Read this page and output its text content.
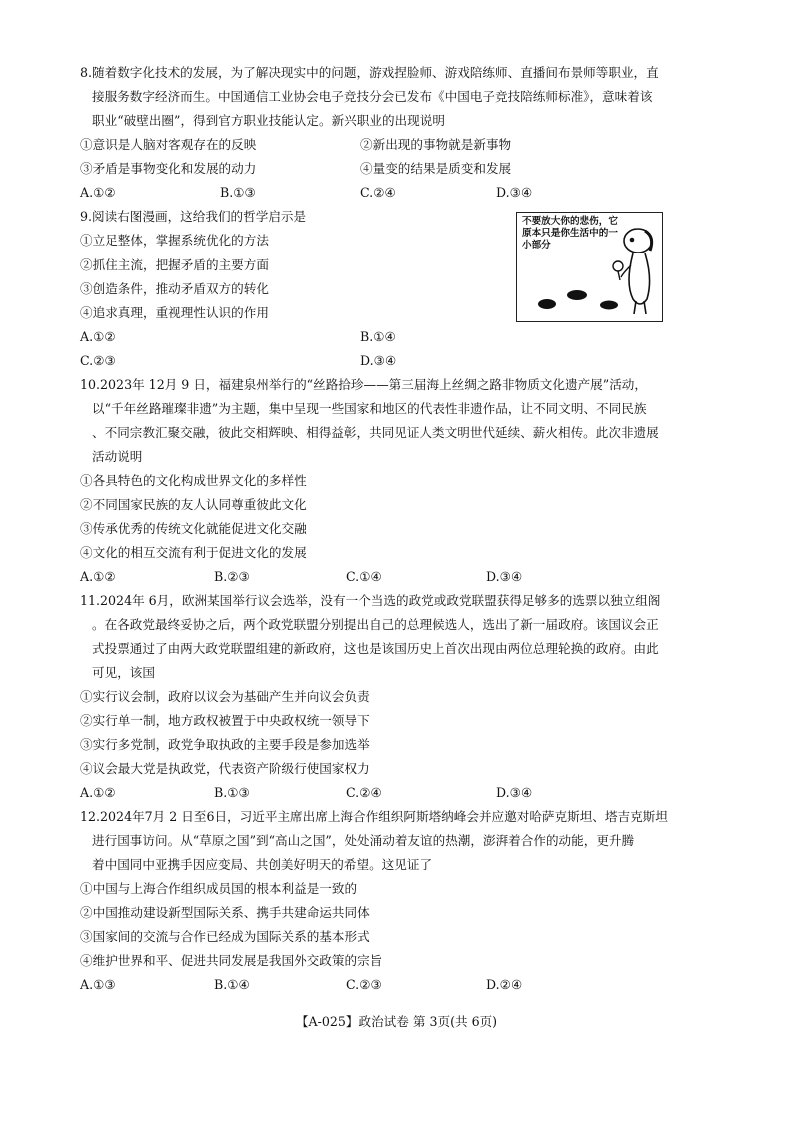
8.随着数字化技术的发展，为了解决现实中的问题，游戏捏脸师、游戏陪练师、直播间布景师等职业，直
接服务数字经济而生。中国通信工业协会电子竞技分会已发布《中国电子竞技陪练师标准》，意味着该
职业“破壁出圈”，得到官方职业技能认定。新兴职业的出现说明
①意识是人脑对客观存在的反映	②新出现的事物就是新事物
③矛盾是事物变化和发展的动力	④量变的结果是质变和发展
A.①②	B.①③	C.②④	D.③④
9.阅读右图漫画，这给我们的哲学启示是
①立足整体，掌握系统优化的方法
②抓住主流，把握矛盾的主要方面
③创造条件，推动矛盾双方的转化
④追求真理，重视理性认识的作用
A.①②	B.①④
C.②③	D.③④
不要放大你的悲伤，它原本只是你生活中的一小部分
10.2023年 12月 9 日，福建泉州举行的“丝路拾珍——第三届海上丝绸之路非物质文化遗产展”活动，
以“千年丝路璀璨非遗”为主题，集中呈现一些国家和地区的代表性非遗作品，让不同文明、不同民族
、不同宗教汇聚交融，彼此交相辉映、相得益彰，共同见证人类文明世代延续、薪火相传。此次非遗展
活动说明
①各具特色的文化构成世界文化的多样性
②不同国家民族的友人认同尊重彼此文化
③传承优秀的传统文化就能促进文化交融
④文化的相互交流有利于促进文化的发展
A.①②	B.②③	C.①④	D.③④
11.2024年 6月，欧洲某国举行议会选举，没有一个当选的政党或政党联盟获得足够多的选票以独立组阁
。在各政党最终妥协之后，两个政党联盟分别提出自己的总理候选人，选出了新一届政府。该国议会正
式投票通过了由两大政党联盟组建的新政府，这也是该国历史上首次出现由两位总理轮换的政府。由此
可见，该国
①实行议会制，政府以议会为基础产生并向议会负责
②实行单一制，地方政权被置于中央政权统一领导下
③实行多党制，政党争取执政的主要手段是参加选举
④议会最大党是执政党，代表资产阶级行使国家权力
A.①②	B.①③	C.②④	D.③④
12.2024年7月 2 日至6日，习近平主席出席上海合作组织阿斯塔纳峰会并应邀对哈萨克斯坦、塔吉克斯坦
进行国事访问。从“草原之国”到“高山之国”，处处涌动着友谊的热潮，澎湃着合作的动能，更升腾
着中国同中亚携手因应变局、共创美好明天的希望。这见证了
①中国与上海合作组织成员国的根本利益是一致的
②中国推动建设新型国际关系、携手共建命运共同体
③国家间的交流与合作已经成为国际关系的基本形式
④维护世界和平、促进共同发展是我国外交政策的宗旨
A.①③	B.①④	C.②③	D.②④
【A-025】政治试卷 第 3页(共 6页)
